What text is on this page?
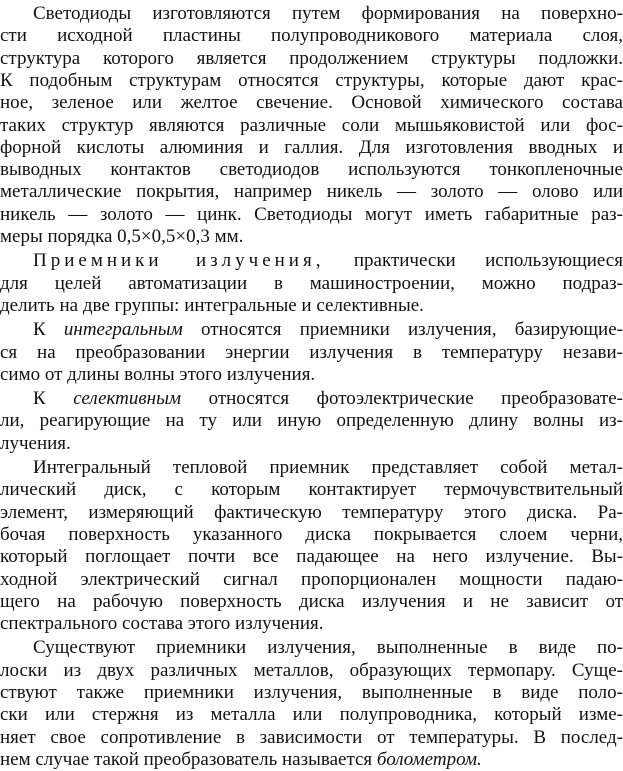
Светодиоды изготовляются путем формирования на поверхно-
сти исходной пластины полупроводникового материала слоя,
структура которого является продолжением структуры подложки.
К подобным структурам относятся структуры, которые дают крас-
ное, зеленое или желтое свечение. Основой химического состава
таких структур являются различные соли мышьяковистой или фос-
форной кислоты алюминия и галлия. Для изготовления вводных и
выводных контактов светодиодов используются тонкопленочные
металлические покрытия, например никель — золото — олово или
никель — золото — цинк. Светодиоды могут иметь габаритные раз-
меры порядка 0,5×0,5×0,3 мм.
Приемники излучения, практически использующиеся
для целей автоматизации в машиностроении, можно подраз-
делить на две группы: интегральные и селективные.
К интегральным относятся приемники излучения, базирующие-
ся на преобразовании энергии излучения в температуру незави-
симо от длины волны этого излучения.
К селективным относятся фотоэлектрические преобразовате-
ли, реагирующие на ту или иную определенную длину волны из-
лучения.
Интегральный тепловой приемник представляет собой метал-
лический диск, с которым контактирует термочувствительный
элемент, измеряющий фактическую температуру этого диска. Ра-
бочая поверхность указанного диска покрывается слоем черни,
который поглощает почти все падающее на него излучение. Вы-
ходной электрический сигнал пропорционален мощности падаю-
щего на рабочую поверхность диска излучения и не зависит от
спектрального состава этого излучения.
Существуют приемники излучения, выполненные в виде по-
лоски из двух различных металлов, образующих термопару. Суще-
ствуют также приемники излучения, выполненные в виде поло-
ски или стержня из металла или полупроводника, который изме-
няет свое сопротивление в зависимости от температуры. В послед-
нем случае такой преобразователь называется болометром.
